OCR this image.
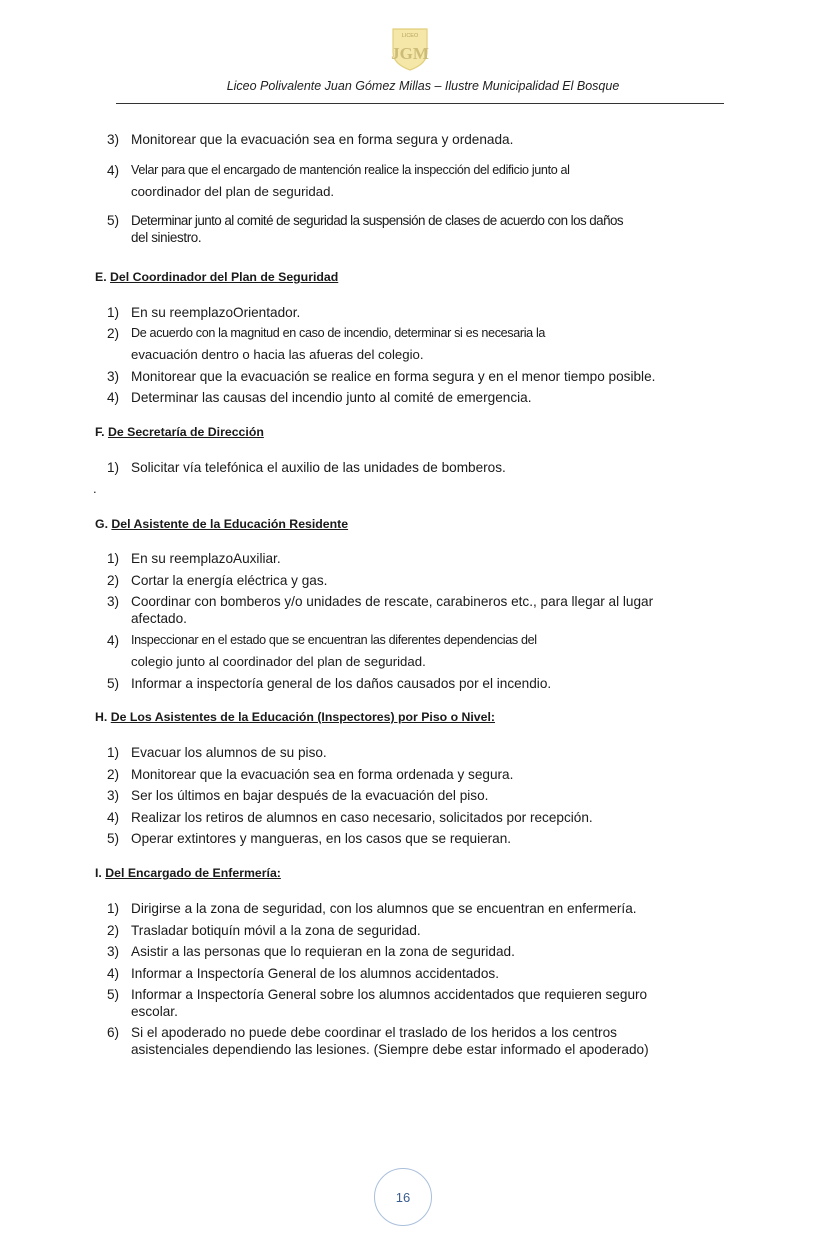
LICEO
JGM
Liceo Polivalente Juan Gómez Millas – Ilustre Municipalidad El Bosque
3) Monitorear que la evacuación sea en forma segura y ordenada.
4) Velar para que el encargado de mantención realice la inspección del edificio junto al
coordinador del plan de seguridad.
5) Determinar junto al comité de seguridad la suspensión de clases de acuerdo con los daños
del siniestro.
E. Del Coordinador del Plan de Seguridad
1) En su reemplazoOrientador.
2) De acuerdo con la magnitud en caso de incendio, determinar si es necesaria la
evacuación dentro o hacia las afueras del colegio.
3) Monitorear que la evacuación se realice en forma segura y en el menor tiempo posible.
4) Determinar las causas del incendio junto al comité de emergencia.
F. De Secretaría de Dirección
1) Solicitar vía telefónica el auxilio de las unidades de bomberos.
.
G. Del Asistente de la Educación Residente
1) En su reemplazoAuxiliar.
2) Cortar la energía eléctrica y gas.
3) Coordinar con bomberos y/o unidades de rescate, carabineros etc., para llegar al lugar
afectado.
4) Inspeccionar en el estado que se encuentran las diferentes dependencias del
colegio junto al coordinador del plan de seguridad.
5) Informar a inspectoría general de los daños causados por el incendio.
H. De Los Asistentes de la Educación (Inspectores) por Piso o Nivel:
1) Evacuar los alumnos de su piso.
2) Monitorear que la evacuación sea en forma ordenada y segura.
3) Ser los últimos en bajar después de la evacuación del piso.
4) Realizar los retiros de alumnos en caso necesario, solicitados por recepción.
5) Operar extintores y mangueras, en los casos que se requieran.
I. Del Encargado de Enfermería:
1) Dirigirse a la zona de seguridad, con los alumnos que se encuentran en enfermería.
2) Trasladar botiquín móvil a la zona de seguridad.
3) Asistir a las personas que lo requieran en la zona de seguridad.
4) Informar a Inspectoría General de los alumnos accidentados.
5) Informar a Inspectoría General sobre los alumnos accidentados que requieren seguro
escolar.
6) Si el apoderado no puede debe coordinar el traslado de los heridos a los centros
asistenciales dependiendo las lesiones. (Siempre debe estar informado el apoderado)
16
